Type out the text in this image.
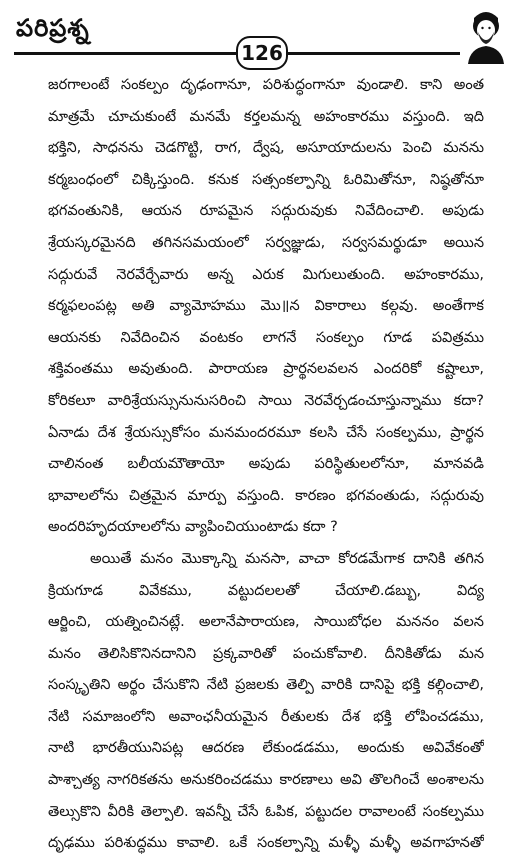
పరిప్రశ్న
126
జరగాలంటే సంకల్పం దృఢంగానూ, పరిశుద్ధంగానూ వుండాలి. కాని అంత
మాత్రమే చూచుకుంటే మనమే కర్తలమన్న అహంకారము వస్తుంది. ఇది
భక్తిని, సాధనను చెడగొట్టి, రాగ, ద్వేష, అసూయాదులను పెంచి మనను
కర్మబంధంలో చిక్కిస్తుంది. కనుక సత్సంకల్పాన్ని ఓరిమితోనూ, నిష్ఠతోనూ
భగవంతునికి, ఆయన రూపమైన సద్గురువుకు నివేదించాలి. అపుడు
శ్రేయస్కరమైనది తగినసమయంలో సర్వజ్ఞుడు, సర్వసమర్థుడూ అయిన
సద్గురువే నెరవేర్చేవారు అన్న ఎరుక మిగులుతుంది. అహంకారము,
కర్మఫలంపట్ల అతి వ్యామోహము మొ॥న వికారాలు కల్గవు. అంతేగాక
ఆయనకు నివేదించిన వంటకం లాగనే సంకల్పం గూడ పవిత్రము
శక్తివంతము అవుతుంది. పారాయణ ప్రార్థనలవలన ఎందరికో కష్టాలూ,
కోరికలూ వారిశ్రేయస్సునునుసరించి సాయి నెరవేర్చడంచూస్తున్నాము కదా?
ఏనాడు దేశ శ్రేయస్సుకోసం మనమందరమూ కలసి చేసే సంకల్పము, ప్రార్థన
చాలినంత బలీయమౌతాయో అపుడు పరిస్థితులలోనూ, మానవడి
భావాలలోను చిత్రమైన మార్పు వస్తుంది. కారణం భగవంతుడు, సద్గురువు
అందరిహృదయాలలోను వ్యాపించియుంటాడు కదా ?
అయితే మనం మొక్కాన్ని మనసా, వాచా కోరడమేగాక దానికి తగిన
క్రియగూడ వివేకము, వట్టుదలలతో చేయాలి.డబ్బు, విద్య
ఆర్జించి, యత్నించినట్లే. అలానేపారాయణ, సాయిబోధల మననం వలన
మనం తెలిసికొనినదానిని ప్రక్కవారితో పంచుకోవాలి. దీనికితోడు మన
సంస్కృతిని అర్థం చేసుకొని నేటి ప్రజలకు తెల్పి వారికి దానిపై భక్తి కల్గించాలి,
నేటి సమాజంలోని అవాంఛనీయమైన రీతులకు దేశ భక్తి లోపించడము,
నాటి భారతీయునిపట్ల ఆదరణ లేకుండడము, అందుకు అవివేకంతో
పాశ్చాత్య నాగరికతను అనుకరించడము కారణాలు అవి తొలగించే అంశాలను
తెల్సుకొని వీరికి తెల్పాలి. ఇవన్నీ చేసే ఓపిక, పట్టుదల రావాలంటే సంకల్పము
దృఢము పరిశుద్ధము కావాలి. ఒకే సంకల్పాన్ని మళ్ళీ మళ్ళీ అవగాహనతో
